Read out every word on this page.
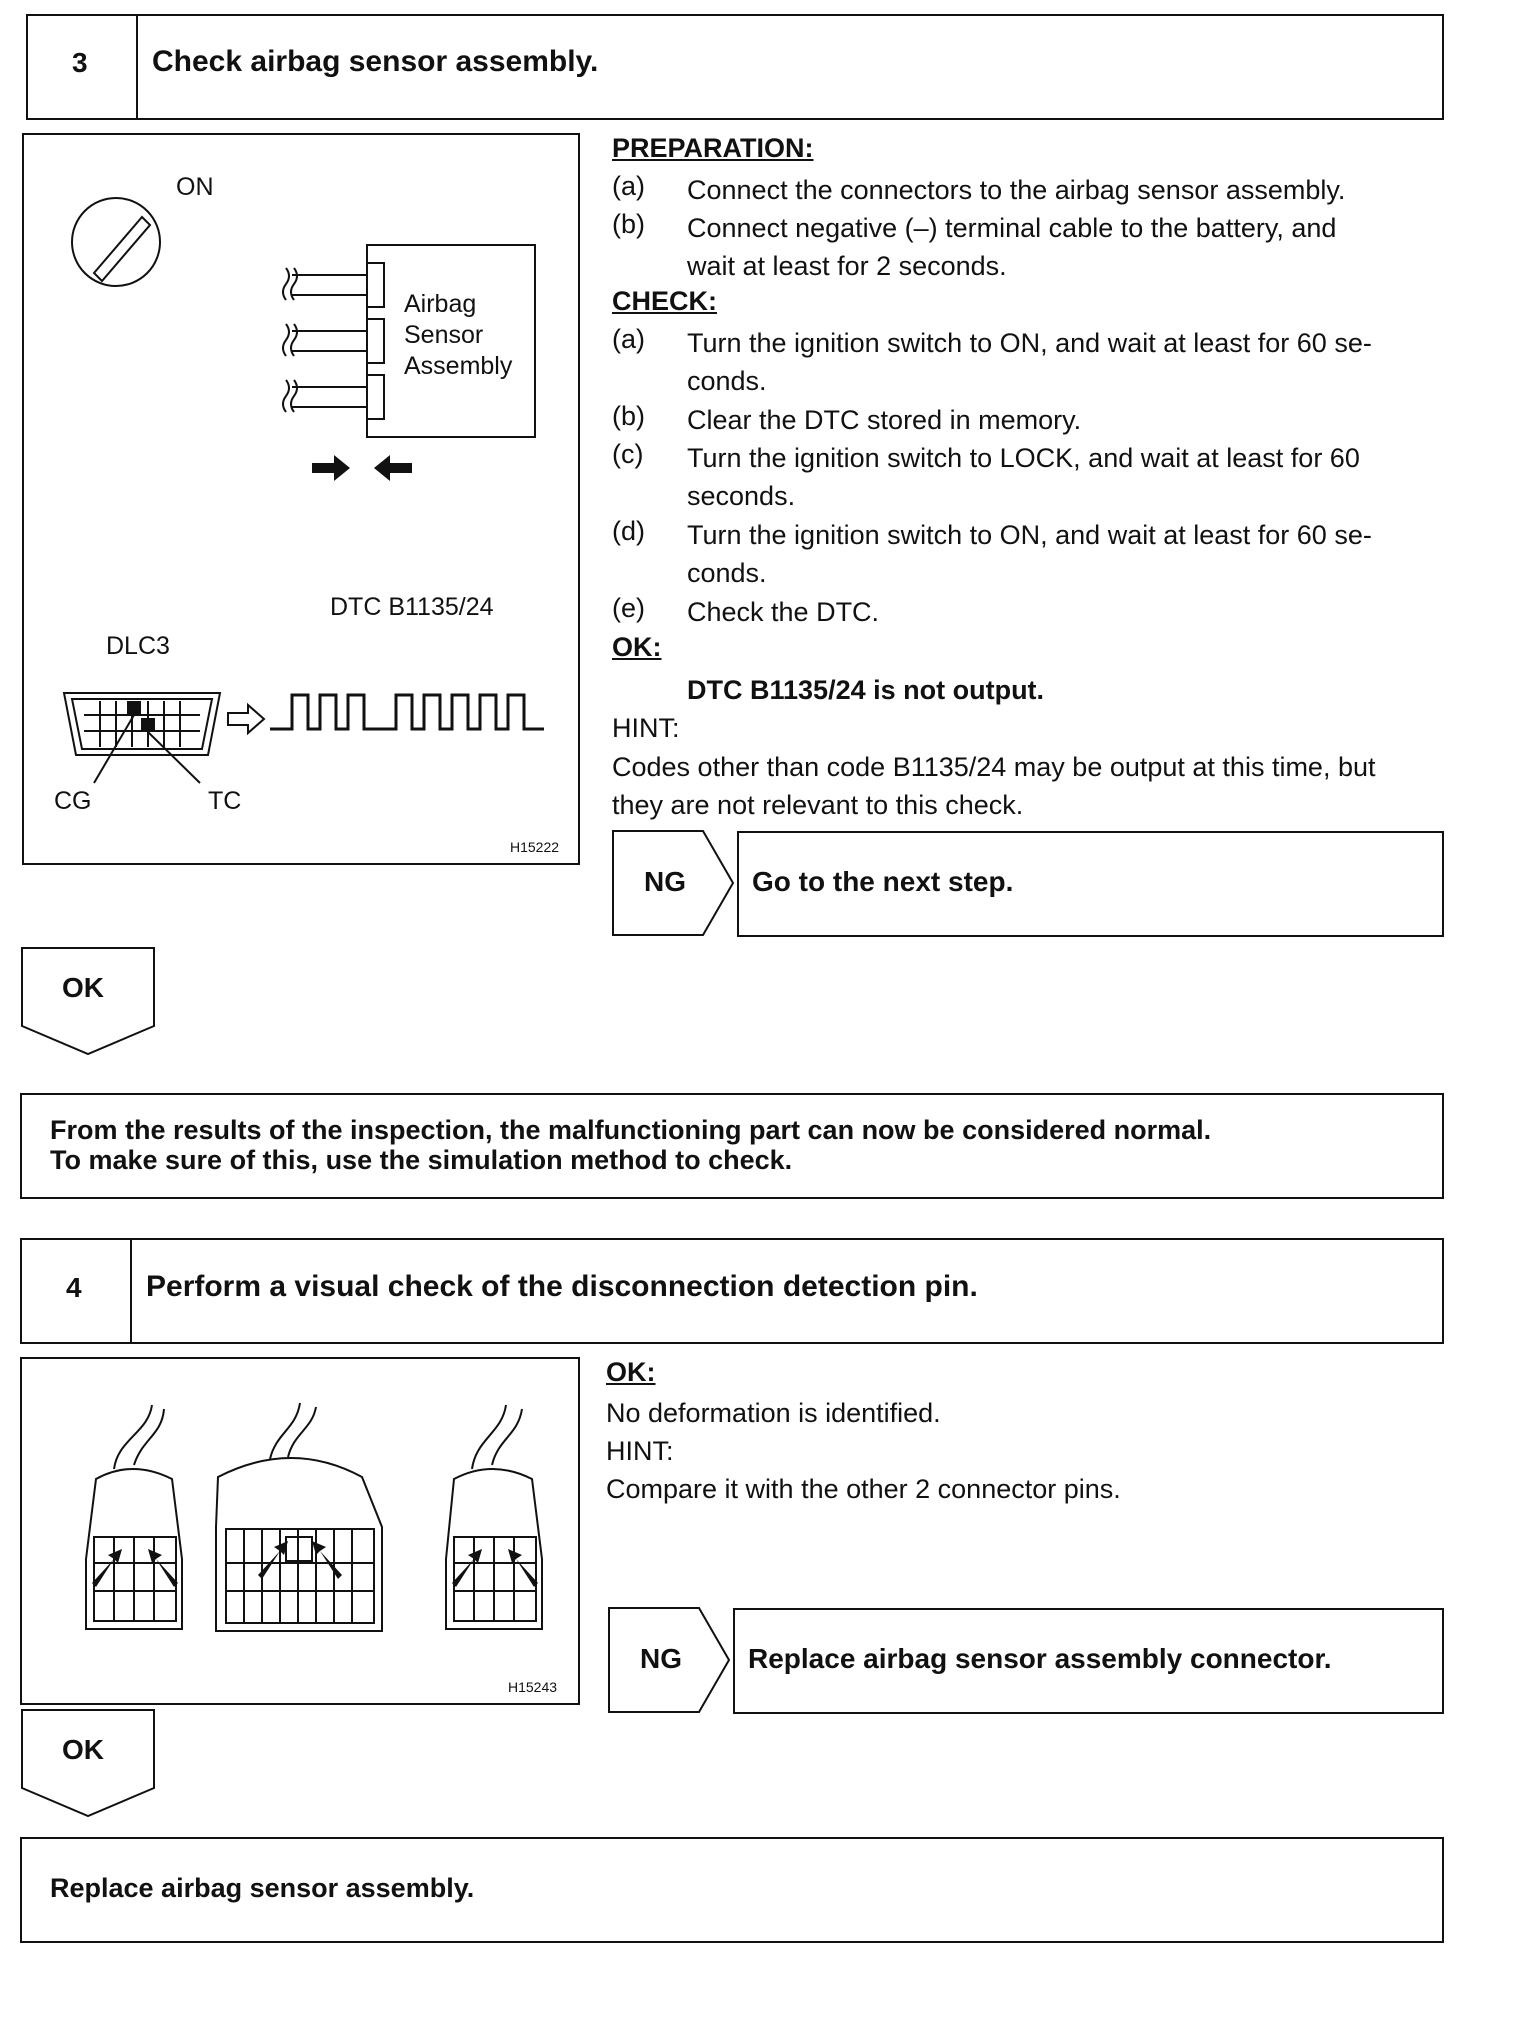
3 Check airbag sensor assembly.
ON
Airbag
Sensor
Assembly
DTC B1135/24
DLC3
CG	TC
H15222
PREPARATION:
(a)	Connect the connectors to the airbag sensor assembly.
(b)	Connect negative (–) terminal cable to the battery, and
wait at least for 2 seconds.
CHECK:
(a)	Turn the ignition switch to ON, and wait at least for 60 se-
conds.
(b)	Clear the DTC stored in memory.
(c)	Turn the ignition switch to LOCK, and wait at least for 60
seconds.
(d)	Turn the ignition switch to ON, and wait at least for 60 se-
conds.
(e)	Check the DTC.
OK:
DTC B1135/24 is not output.
HINT:
Codes other than code B1135/24 may be output at this time, but
they are not relevant to this check.
NG Go to the next step.
OK
From the results of the inspection, the malfunctioning part can now be considered normal.
To make sure of this, use the simulation method to check.
4 Perform a visual check of the disconnection detection pin.
H15243
OK:
No deformation is identified.
HINT:
Compare it with the other 2 connector pins.
NG Replace airbag sensor assembly connector.
OK
Replace airbag sensor assembly.
